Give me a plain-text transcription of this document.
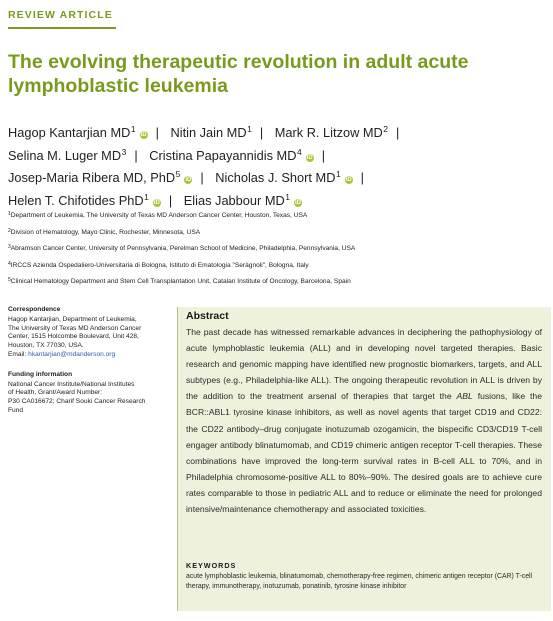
REVIEW ARTICLE
The evolving therapeutic revolution in adult acute lymphoblastic leukemia
Hagop Kantarjian $MD^1iD$ | Nitin Jain $MD^1$ | Mark R. Litzow $MD^2$ |
Selina M. Luger $MD^3$ | Cristina Papayannidis $MD^4iD$ |
Josep-Maria Ribera MD, PhD$^5$iD | Nicholas J. Short $MD^1iD$ |
Helen T. Chifotides PhD$^1$iD | Elias Jabbour $MD^1iD$
$^1$Department of Leukemia, The University of Texas MD Anderson Cancer Center, Houston, Texas, USA
$^2$Division of Hematology, Mayo Clinic, Rochester, Minnesota, USA
$^3$Abramson Cancer Center, University of Pennsylvania, Perelman School of Medicine, Philadelphia, Pennsylvania, USA
$^4$IRCCS Azienda Ospedaliero-Universitaria di Bologna, Istituto di Ematologia "Seràgnoli", Bologna, Italy
$^5$Clinical Hematology Department and Stem Cell Transplantation Unit, Catalan Institute of Oncology, Barcelona, Spain
Correspondence
Hagop Kantarjian, Department of Leukemia,
The University of Texas MD Anderson Cancer
Center, 1515 Holcombe Boulevard, Unit 428,
Houston, TX 77030, USA.
Email: hkantarjian@mdanderson.org
Funding information
National Cancer Institute/National Institutes
of Health, Grant/Award Number:
P30 CA016672; Charif Souki Cancer Research
Fund
Abstract
The past decade has witnessed remarkable advances in deciphering the pathophysiology of acute lymphoblastic leukemia (ALL) and in developing novel targeted therapies. Basic research and genomic mapping have identified new prognostic biomarkers, targets, and ALL subtypes (e.g., Philadelphia-like ALL). The ongoing therapeutic revolution in ALL is driven by the addition to the treatment arsenal of therapies that target the ABL fusions, like the BCR::ABL1 tyrosine kinase inhibitors, as well as novel agents that target CD19 and CD22: the CD22 antibody–drug conjugate inotuzumab ozogamicin, the bispecific CD3/CD19 T-cell engager antibody blinatumomab, and CD19 chimeric antigen receptor T-cell therapies. These combinations have improved the long-term survival rates in B-cell ALL to 70%, and in Philadelphia chromosome-positive ALL to 80%–90%. The desired goals are to achieve cure rates comparable to those in pediatric ALL and to reduce or eliminate the need for prolonged intensive/maintenance chemotherapy and associated toxicities.
KEYWORDS
acute lymphoblastic leukemia, blinatumomab, chemotherapy-free regimen, chimeric antigen receptor (CAR) T-cell therapy, immunotherapy, inotuzumab, ponatinib, tyrosine kinase inhibitor
